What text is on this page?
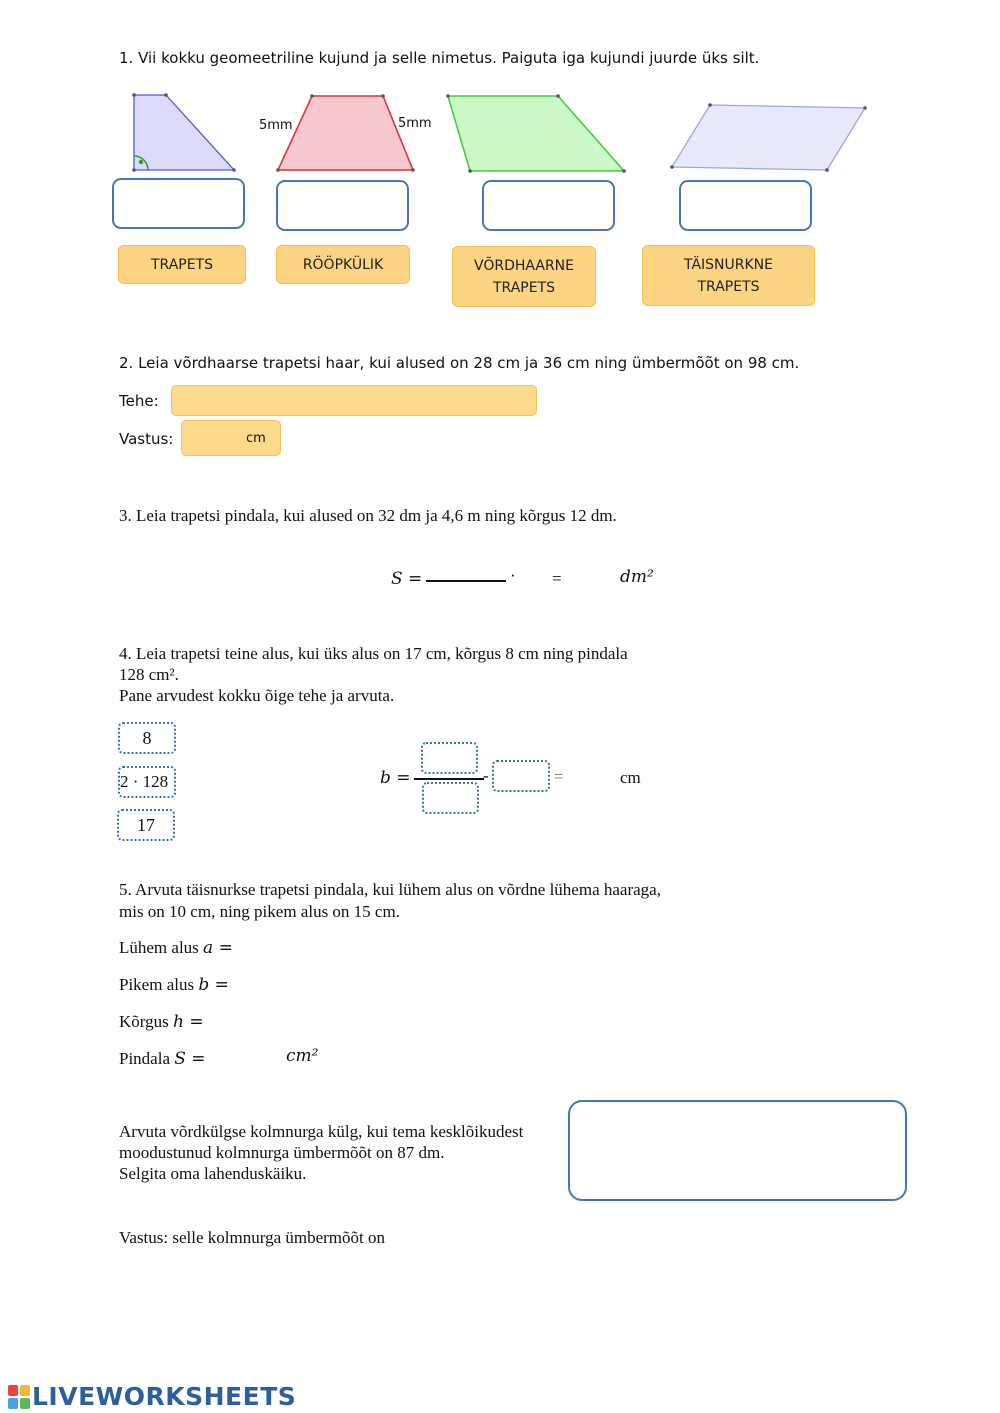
1. Vii kokku geomeetriline kujund ja selle nimetus. Paiguta iga kujundi juurde üks silt.
5mm	5mm
TRAPETS	RÖÖPKÜLIK	VÕRDHAARNE TRAPETS
TÄISNURKNE TRAPETS
2. Leia võrdhaarse trapetsi haar, kui alused on 28 cm ja 36 cm ning ümbermõõt on 98 cm.
Tehe:
Vastus:	cm
3. Leia trapetsi pindala, kui alused on 32 dm ja 4,6 m ning kõrgus 12 dm.
S =	· =	dm²
4. Leia trapetsi teine alus, kui üks alus on 17 cm, kõrgus 8 cm ning pindala
128 cm².
Pane arvudest kokku õige tehe ja arvuta.
8
2 · 128
17
b =	-	=	cm
5. Arvuta täisnurkse trapetsi pindala, kui lühem alus on võrdne lühema haaraga,
mis on 10 cm, ning pikem alus on 15 cm.
Lühem alus a =
Pikem alus b =
Kõrgus h =
Pindala S =	cm²
Arvuta võrdkülgse kolmnurga külg, kui tema kesklõikudest
moodustunud kolmnurga ümbermõõt on 87 dm.
Selgita oma lahenduskäiku.
Vastus: selle kolmnurga ümbermõõt on
LIVEWORKSHEETS
